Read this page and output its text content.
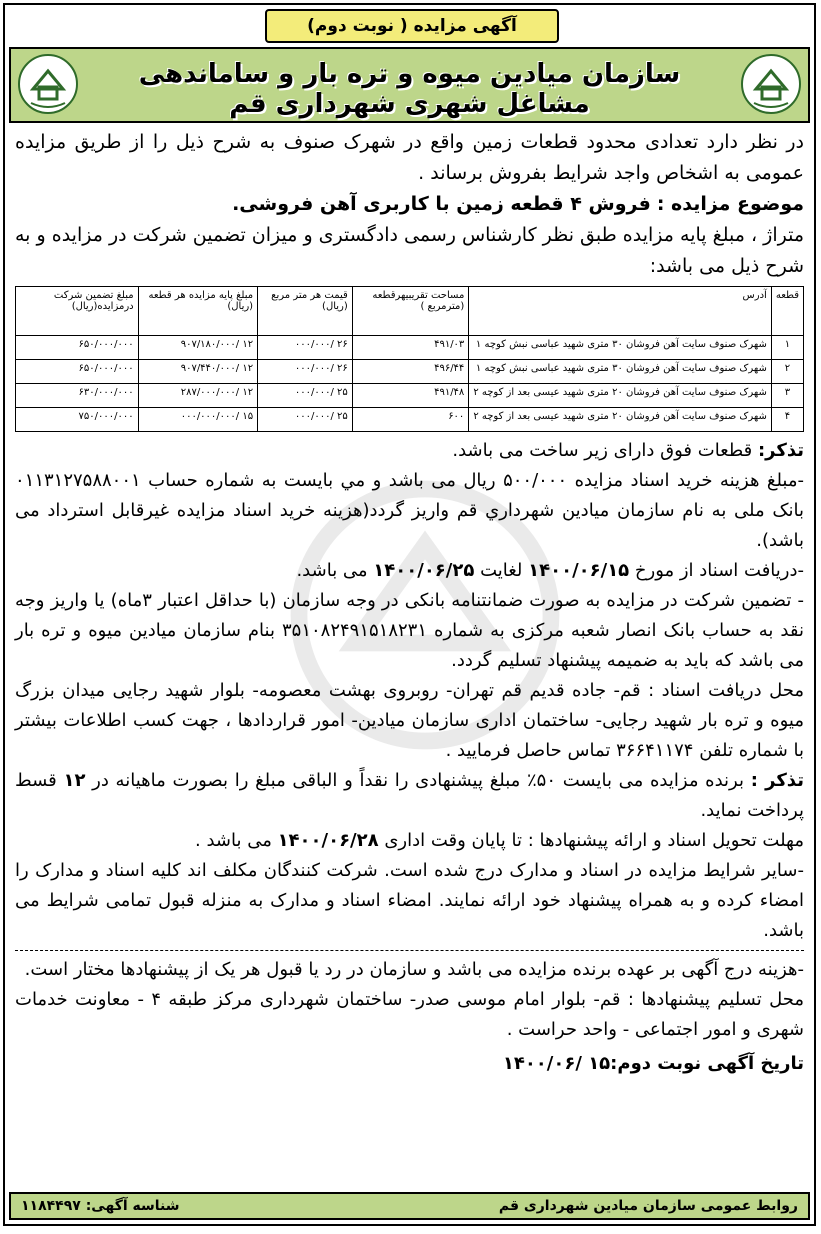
آگهی مزایده ( نوبت دوم)
سازمان میادین میوه و تره بار و ساماندهی مشاغل شهری شهرداری قم

در نظر دارد تعدادی محدود قطعات زمین واقع در شهرک صنوف به شرح ذیل را از طریق مزایده عمومی به اشخاص واجد شرایط بفروش برساند .

موضوع مزایده : فروش ۴ قطعه زمین با کاربری آهن فروشی.

متراژ ، مبلغ پایه مزایده طبق نظر کارشناس رسمی دادگستری و میزان تضمین شرکت در مزایده و به شرح ذیل می باشد:

قطعه	آدرس	مساحت تقریبیهرقطعه (مترمربع )	قیمت هر متر مربع (ریال)	مبلغ پایه مزایده هر قطعه (ریال)	مبلغ تضمین شرکت درمزایده(ریال)
۱	شهرک صنوف سایت آهن فروشان ۳۰ متری شهید عباسی نبش کوچه ۱	۴۹۱/۰۳	۲۶ /۰۰۰/۰۰۰	۱۲ /۹۰۷/۱۸۰/۰۰۰	۶۵۰/۰۰۰/۰۰۰
۲	شهرک صنوف سایت آهن فروشان ۳۰ متری شهید عباسی نبش کوچه ۱	۴۹۶/۴۴	۲۶ /۰۰۰/۰۰۰	۱۲ /۹۰۷/۴۴۰/۰۰۰	۶۵۰/۰۰۰/۰۰۰
۳	شهرک صنوف سایت آهن فروشان ۲۰ متری شهید عیسی بعد از کوچه ۲	۴۹۱/۴۸	۲۵ /۰۰۰/۰۰۰	۱۲ /۲۸۷/۰۰۰/۰۰۰	۶۳۰/۰۰۰/۰۰۰
۴	شهرک صنوف سایت آهن فروشان ۲۰ متری شهید عیسی بعد از کوچه ۲	۶۰۰	۲۵ /۰۰۰/۰۰۰	۱۵ /۰۰۰/۰۰۰/۰۰۰	۷۵۰/۰۰۰/۰۰۰

تذکر: قطعات فوق دارای زیر ساخت می باشد.

-مبلغ هزینه خرید اسناد مزایده ۵۰۰/۰۰۰ ریال می باشد و مي بایست به شماره حساب ۰۱۱۳۱۲۷۵۸۸۰۰۱ بانک ملی به نام سازمان میادین شهرداري قم واریز گردد(هزینه خرید اسناد مزایده غیرقابل استرداد می باشد).

-دریافت اسناد از مورخ ۱۴۰۰/۰۶/۱۵ لغایت ۱۴۰۰/۰۶/۲۵ می باشد.

- تضمین شرکت در مزایده به صورت ضمانتنامه بانکی در وجه سازمان (با حداقل اعتبار ۳ماه) یا واریز وجه نقد به حساب بانک انصار شعبه مرکزی به شماره ۳۵۱۰۸۲۴۹۱۵۱۸۲۳۱ بنام سازمان میادین میوه و تره بار می باشد که باید به ضمیمه پیشنهاد تسلیم گردد.

محل دریافت اسناد : قم- جاده قدیم قم تهران- روبروی بهشت معصومه- بلوار شهید رجایی میدان بزرگ میوه و تره بار شهید رجایی- ساختمان اداری سازمان میادین- امور قراردادها ، جهت کسب اطلاعات بیشتر با شماره تلفن ۳۶۶۴۱۱۷۴ تماس حاصل فرمایید .

تذکر : برنده مزایده می بایست ۵۰٪ مبلغ پیشنهادی را نقداً و الباقی مبلغ را بصورت ماهیانه در ۱۲ قسط پرداخت نماید.

مهلت تحویل اسناد و ارائه پیشنهادها : تا پایان وقت اداری ۱۴۰۰/۰۶/۲۸ می باشد .

-سایر شرایط مزایده در اسناد و مدارک درج شده است. شرکت کنندگان مکلف اند کلیه اسناد و مدارک را امضاء کرده و به همراه پیشنهاد خود ارائه نمایند. امضاء اسناد و مدارک به منزله قبول تمامی شرایط می باشد.

-هزینه درج آگهی بر عهده برنده مزایده می باشد و سازمان در رد یا قبول هر یک از پیشنهادها مختار است.

محل تسلیم پیشنهادها : قم- بلوار امام موسی صدر- ساختمان شهرداری مرکز طبقه ۴ - معاونت خدمات شهری و امور اجتماعی - واحد حراست .

تاریخ آگهی نوبت دوم:۱۵ /۱۴۰۰/۰۶

روابط عمومی سازمان میادین شهرداری قم
شناسه آگهی: ۱۱۸۴۴۹۷
